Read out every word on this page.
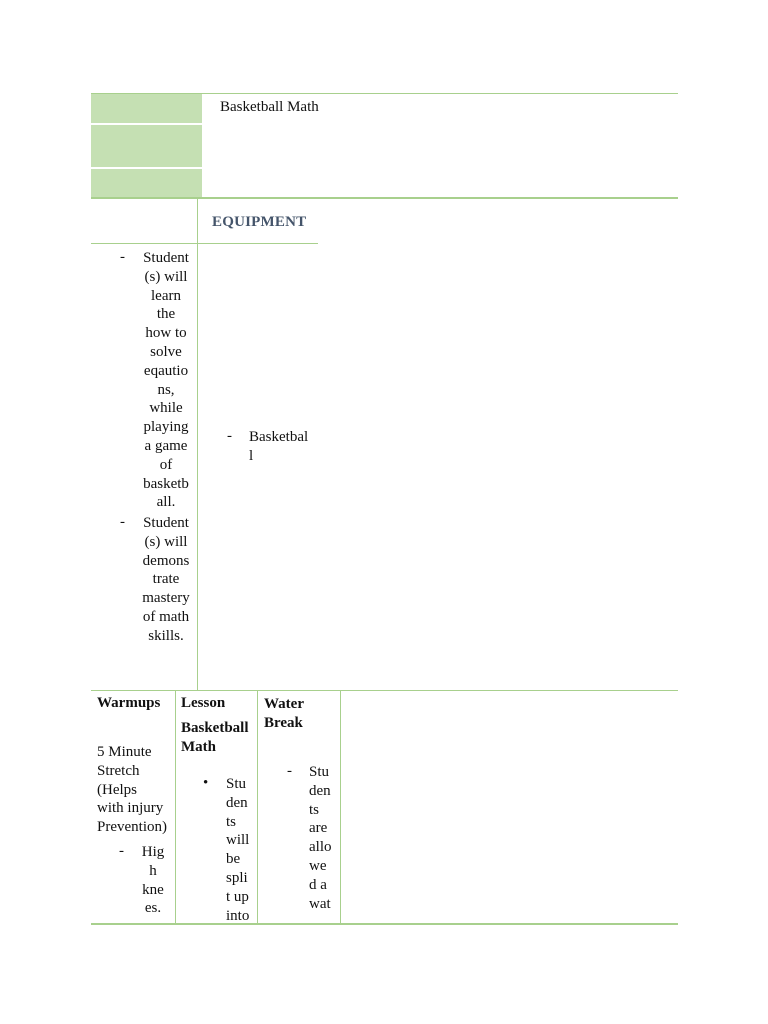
Basketball Math
EQUIPMENT
- Student
(s) will
learn
the
how to
solve
eqautio
ns,
while
playing
a game
of
basketb
all.
- Student
(s) will
demons
trate
mastery
of math
skills.
- Basketbal
l
Warmups
5 Minute
Stretch
(Helps
with injury
Prevention)
- Hig
h
kne
es.
Lesson
Basketball
Math
• Stu
den
ts
will
be
spli
t up
into
Water
Break
- Stu
den
ts
are
allo
we
d a
wat
